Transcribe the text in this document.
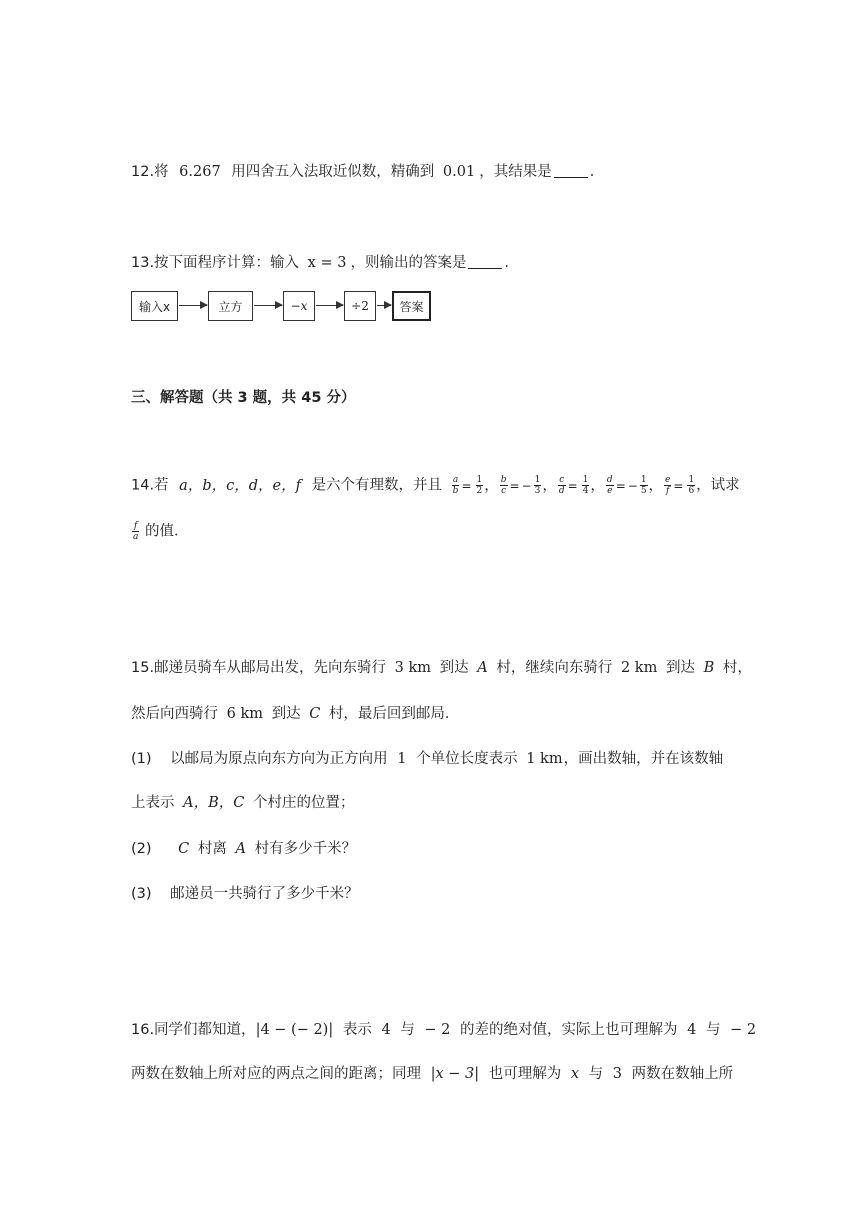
12.将 6.267 用四舍五入法取近似数，精确到 0.01 ，其结果是	．
13.按下面程序计算：输入 x = 3 ，则输出的答案是	．
输入x	立方	−x	÷2	答案
三、解答题（共 3 题，共 45 分）
14.若 a，b，c，d，e，f 是六个有理数，并且 $\frac{a}{b} = \frac{1}{2}$ ， $\frac{b}{c}$ = − $\frac{1}{3}$ ， $\frac{c}{d} = \frac{1}{4}$ ， $\frac{d}{e}$ = − $\frac{1}{5}$ ， $\frac{e}{f} = \frac{1}{6}$ ，试求
$\frac{f}{a}$ 的值．
15.邮递员骑车从邮局出发，先向东骑行 3 km 到达 A 村，继续向东骑行 2 km 到达 B 村，
然后向西骑行 6 km 到达 C 村，最后回到邮局．
(1) 以邮局为原点向东方向为正方向用 1 个单位长度表示 1 km，画出数轴，并在该数轴
上表示 A，B，C 个村庄的位置；
(2) C 村离 A 村有多少千米？
(3) 邮递员一共骑行了多少千米？
16.同学们都知道，|4 − (− 2)| 表示 4 与 − 2 的差的绝对值，实际上也可理解为 4 与 − 2
两数在数轴上所对应的两点之间的距离；同理 |x − 3| 也可理解为 x 与 3 两数在数轴上所
